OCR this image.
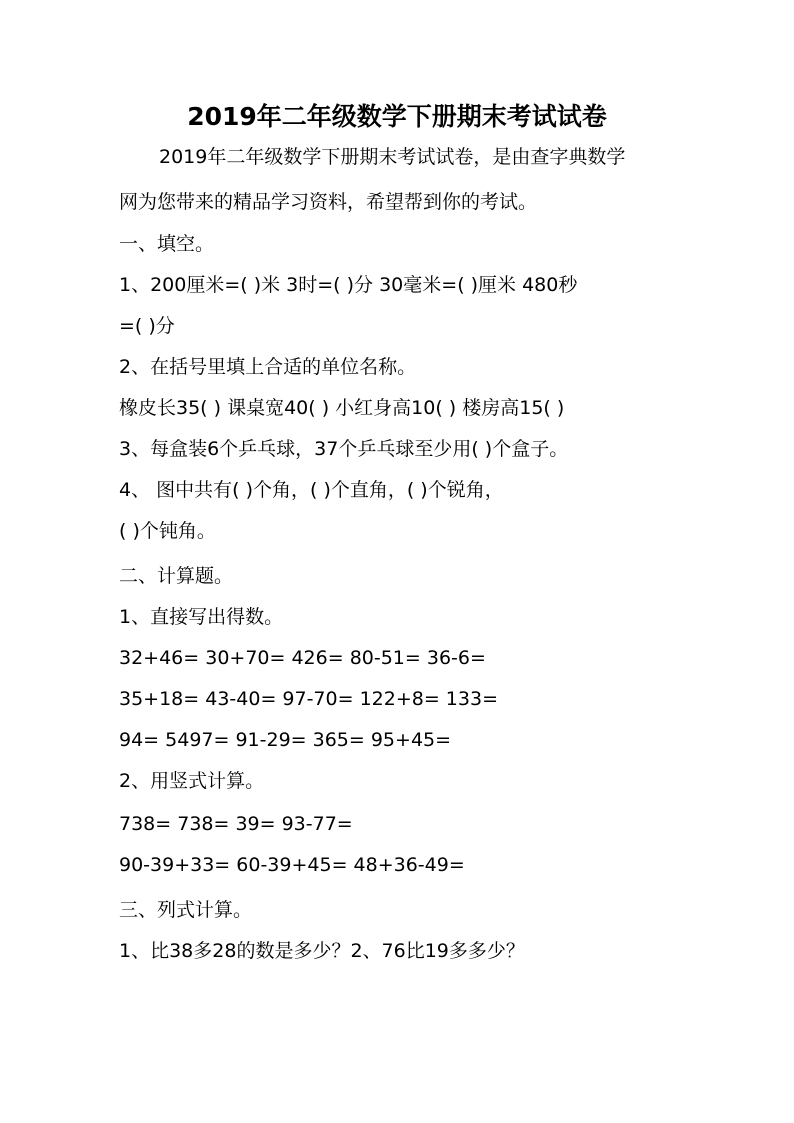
2019年二年级数学下册期末考试试卷
2019年二年级数学下册期末考试试卷，是由查字典数学
网为您带来的精品学习资料，希望帮到你的考试。
一、填空。
1、200厘米=( )米 3时=( )分 30毫米=( )厘米 480秒
=( )分
2、在括号里填上合适的单位名称。
橡皮长35( ) 课桌宽40( ) 小红身高10( ) 楼房高15( )
3、每盒装6个乒乓球，37个乒乓球至少用( )个盒子。
4、 图中共有( )个角，( )个直角，( )个锐角，
( )个钝角。
二、计算题。
1、直接写出得数。
32+46= 30+70= 426= 80-51= 36-6=
35+18= 43-40= 97-70= 122+8= 133=
94= 5497= 91-29= 365= 95+45=
2、用竖式计算。
738= 738= 39= 93-77=
90-39+33= 60-39+45= 48+36-49=
三、列式计算。
1、比38多28的数是多少？2、76比19多多少？
